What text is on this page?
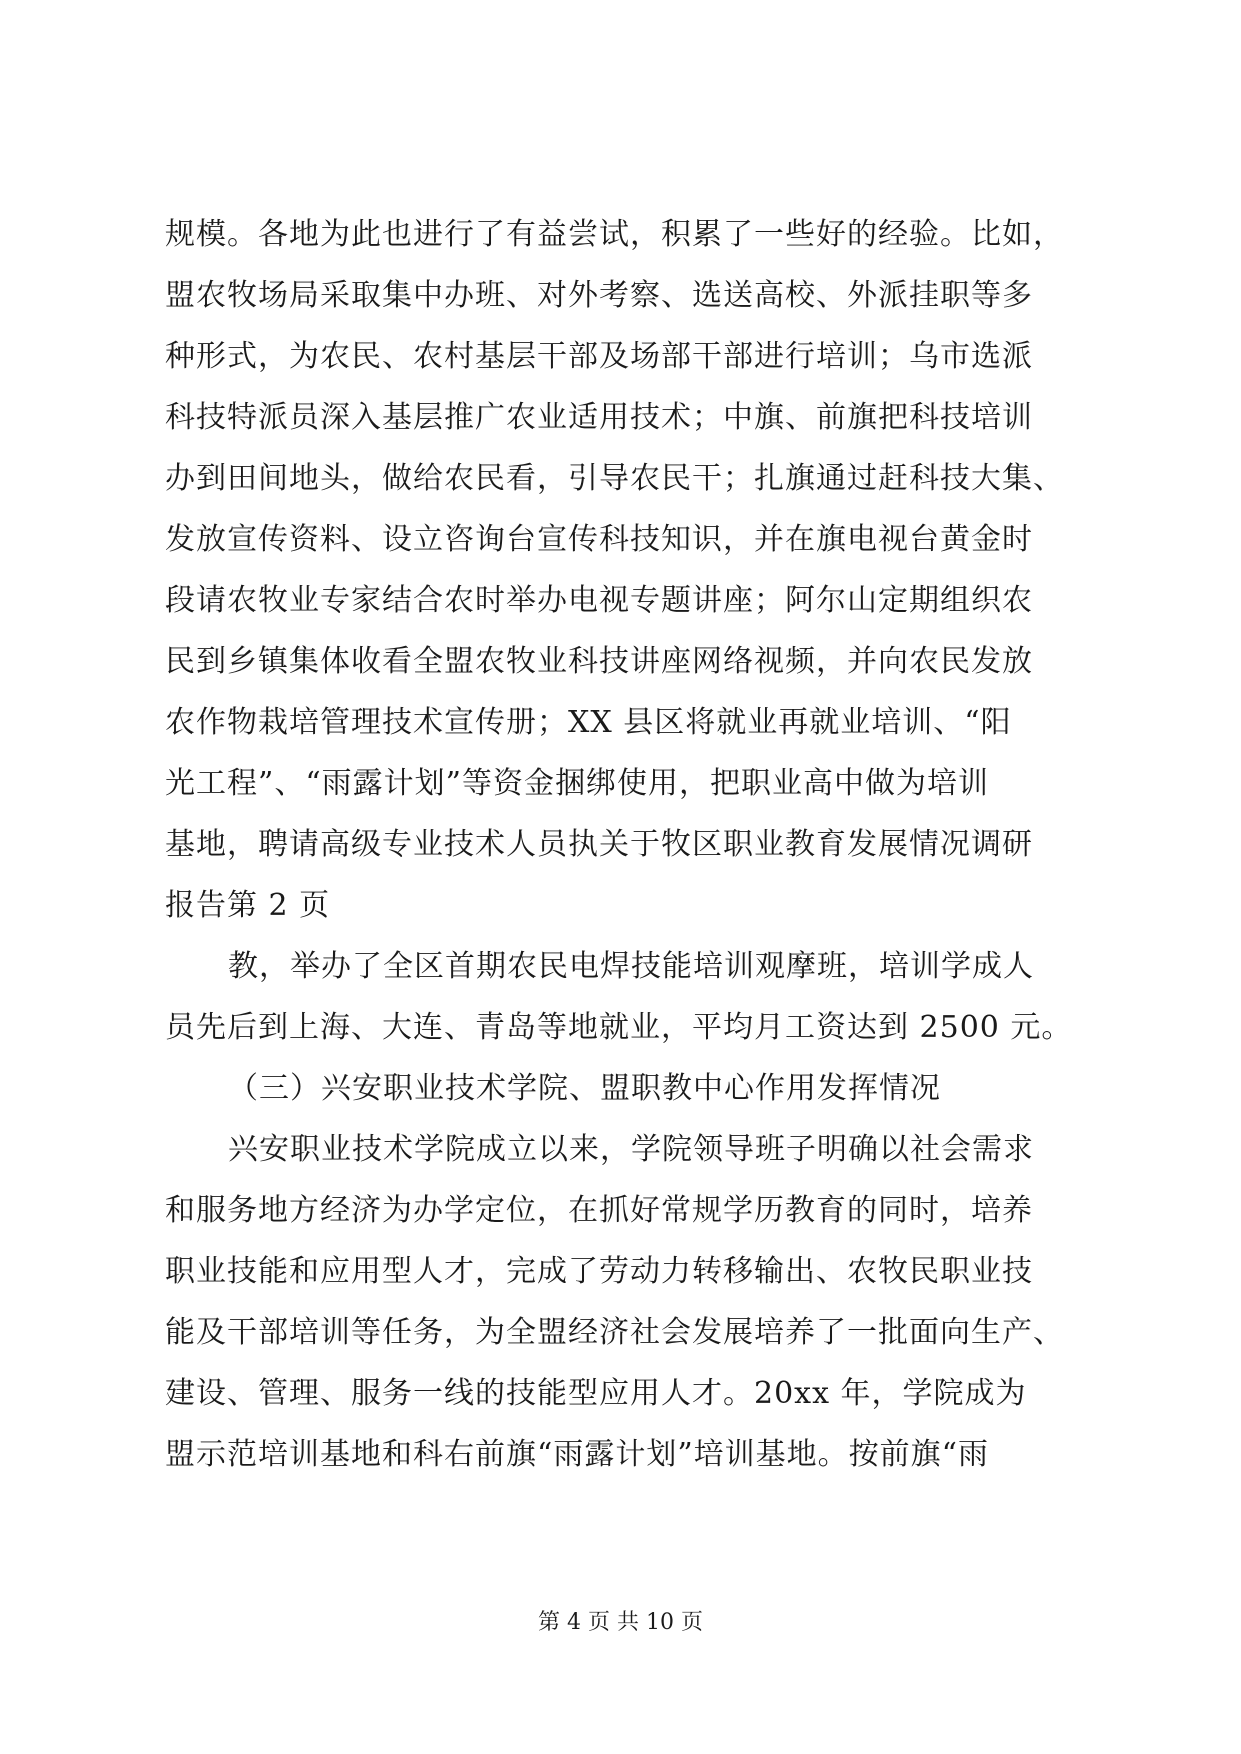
规模。各地为此也进行了有益尝试，积累了一些好的经验。比如，
盟农牧场局采取集中办班、对外考察、选送高校、外派挂职等多
种形式，为农民、农村基层干部及场部干部进行培训；乌市选派
科技特派员深入基层推广农业适用技术；中旗、前旗把科技培训
办到田间地头，做给农民看，引导农民干；扎旗通过赶科技大集、
发放宣传资料、设立咨询台宣传科技知识，并在旗电视台黄金时
段请农牧业专家结合农时举办电视专题讲座；阿尔山定期组织农
民到乡镇集体收看全盟农牧业科技讲座网络视频，并向农民发放
农作物栽培管理技术宣传册；XX 县区将就业再就业培训、“阳
光工程”、“雨露计划”等资金捆绑使用，把职业高中做为培训
基地，聘请高级专业技术人员执关于牧区职业教育发展情况调研
报告第 2 页
教，举办了全区首期农民电焊技能培训观摩班，培训学成人
员先后到上海、大连、青岛等地就业，平均月工资达到 2500 元。
（三）兴安职业技术学院、盟职教中心作用发挥情况
兴安职业技术学院成立以来，学院领导班子明确以社会需求
和服务地方经济为办学定位，在抓好常规学历教育的同时，培养
职业技能和应用型人才，完成了劳动力转移输出、农牧民职业技
能及干部培训等任务，为全盟经济社会发展培养了一批面向生产、
建设、管理、服务一线的技能型应用人才。20xx 年，学院成为
盟示范培训基地和科右前旗“雨露计划”培训基地。按前旗“雨
第 4 页 共 10 页
